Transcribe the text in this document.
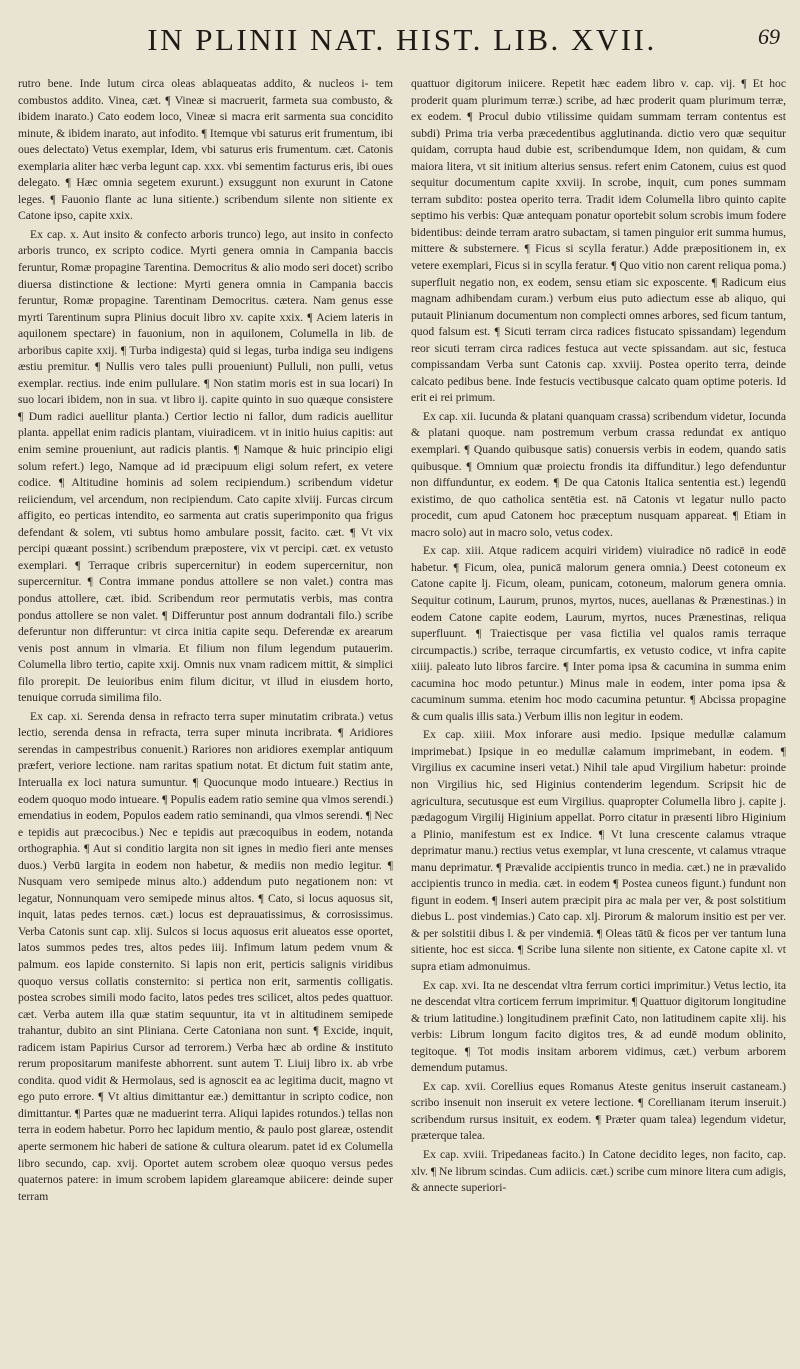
IN PLINII NAT. HIST. LIB. XVII.	69

rutro bene. Inde lutum circa oleas ablaqueatas addito, & nucleos i- tem combustos addito. Vinea, cæt. ¶ Vineæ si macruerit, farmeta sua combusto, & ibidem inarato.) Cato eodem loco, Vineæ si macra erit sarmenta sua concidito minute, & ibidem inarato, aut infodito. ¶ Itemque vbi saturus erit frumentum, ibi oues delectato) Vetus exemplar, Idem, vbi saturus eris frumentum. cæt. Catonis exemplaria aliter hæc verba legunt cap. xxx. vbi sementim facturus eris, ibi oues delegato. ¶ Hæc omnia segetem exurunt.) exsuggunt non exurunt in Catone leges. ¶ Fauonio flante ac luna sitiente.) scribendum silente non sitiente ex Catone ipso, capite xxix.

Ex cap. x. Aut insito & confecto arboris trunco) lego, aut insito in confecto arboris trunco, ex scripto codice. Myrti genera omnia in Campania baccis feruntur, Romæ propagine Tarentina. Democritus & alio modo seri docet) scribo diuersa distinctione & lectione: Myrti genera omnia in Campania baccis feruntur, Romæ propagine. Tarentinam Democritus. cætera. Nam genus esse myrti Tarentinum supra Plinius docuit libro xv. capite xxix. ¶ Aciem lateris in aquilonem spectare) in fauonium, non in aquilonem, Columella in lib. de arboribus capite xxij. ¶ Turba indigesta) quid si legas, turba indiga seu indigens æstiu premitur. ¶ Nullis vero tales pulli proueniunt) Pulluli, non pulli, vetus exemplar. rectius. inde enim pullulare. ¶ Non statim moris est in sua locari) In suo locari ibidem, non in sua. vt libro ij. capite quinto in suo quæque consistere ¶ Dum radici auellitur planta.) Certior lectio ni fallor, dum radicis auellitur planta. appellat enim radicis plantam, viuiradicem. vt in initio huius capitis: aut enim semine proueniunt, aut radicis plantis. ¶ Namque & huic principio eligi solum refert.) lego, Namque ad id præcipuum eligi solum refert, ex vetere codice. ¶ Altitudine hominis ad solem recipiendum.) scribendum videtur reiiciendum, vel arcendum, non recipiendum. Cato capite xlviij. Furcas circum affigito, eo perticas intendito, eo sarmenta aut cratis superimponito qua frigus defendant & solem, vti subtus homo ambulare possit, facito. cæt. ¶ Vt vix percipi quæant possint.) scribendum præpostere, vix vt percipi. cæt. ex vetusto exemplari. ¶ Terraque cribris supercernitur) in eodem supercernitur, non supercernitur. ¶ Contra immane pondus attollere se non valet.) contra mas pondus attollere, cæt. ibid. Scribendum reor permutatis verbis, mas contra pondus attollere se non valet. ¶ Differuntur post annum dodrantali filo.) scribe deferuntur non differuntur: vt circa initia capite sequ. Deferendæ ex arearum venis post annum in vlmaria. Et filium non filum legendum putauerim. Columella libro tertio, capite xxij. Omnis nux vnam radicem mittit, & simplici filo prorepit. De leuioribus enim filum dicitur, vt illud in eiusdem horto, tenuique corruda similima filo.

Ex cap. xi. Serenda densa in refracto terra super minutatim cribrata.) vetus lectio, serenda densa in refracta, terra super minuta incribrata. ¶ Aridiores serendas in campestribus conuenit.) Rariores non aridiores exemplar antiquum præfert, veriore lectione. nam raritas spatium notat. Et dictum fuit statim ante, Interualla ex loci natura sumuntur. ¶ Quocunque modo intueare.) Rectius in eodem quoquo modo intueare. ¶ Populis eadem ratio semine qua vlmos serendi.) emendatius in eodem, Populos eadem ratio seminandi, qua vlmos serendi. ¶ Nec e tepidis aut præcocibus.) Nec e tepidis aut præcoquibus in eodem, notanda orthographia. ¶ Aut si conditio largita non sit ignes in medio fieri ante menses duos.) Verbū largita in eodem non habetur, & mediis non medio legitur. ¶ Nusquam vero semipede minus alto.) addendum puto negationem non: vt legatur, Nonnunquam vero semipede minus altos. ¶ Cato, si locus aquosus sit, inquit, latas pedes ternos. cæt.) locus est deprauatissimus, & corrosissimus. Verba Catonis sunt cap. xlij. Sulcos si locus aquosus erit alueatos esse oportet, latos summos pedes tres, altos pedes iiij. Infimum latum pedem vnum & palmum. eos lapide consternito. Si lapis non erit, perticis salignis viridibus quoquo versus collatis consternito: si pertica non erit, sarmentis colligatis. postea scrobes simili modo facito, latos pedes tres scilicet, altos pedes quattuor. cæt. Verba autem illa quæ statim sequuntur, ita vt in altitudinem semipede trahantur, dubito an sint Pliniana. Certe Catoniana non sunt. ¶ Excide, inquit, radicem istam Papirius Cursor ad terrorem.) Verba hæc ab ordine & instituto rerum propositarum manifeste abhorrent. sunt autem T. Liuij libro ix. ab vrbe condita. quod vidit & Hermolaus, sed is agnoscit ea ac legitima ducit, magno vt ego puto errore. ¶ Vt altius dimittantur eæ.) demittantur in scripto codice, non dimittantur. ¶ Partes quæ ne maduerint terra. Aliqui lapides rotundos.) tellas non terra in eodem habetur. Porro hec lapidum mentio, & paulo post glareæ, ostendit aperte sermonem hic haberi de satione & cultura olearum. patet id ex Columella libro secundo, cap. xvij. Oportet autem scrobem oleæ quoquo versus pedes quaternos patere: in imum scrobem lapidem glareamque abiicere: deinde super terram

quattuor digitorum iniicere. Repetit hæc eadem libro v. cap. vij. ¶ Et hoc proderit quam plurimum terræ.) scribe, ad hæc proderit quam plurimum terræ, ex eodem. ¶ Procul dubio vtilissime quidam summam terram contentus est subdi) Prima tria verba præcedentibus agglutinanda. dictio vero quæ sequitur quidam, corrupta haud dubie est, scribendumque Idem, non quidam, & cum maiora litera, vt sit initium alterius sensus. refert enim Catonem, cuius est quod sequitur documentum capite xxviij. In scrobe, inquit, cum pones summam terram subdito: postea operito terra. Tradit idem Columella libro quinto capite septimo his verbis: Quæ antequam ponatur oportebit solum scrobis imum fodere bidentibus: deinde terram aratro subactam, si tamen pinguior erit summa humus, mittere & substernere. ¶ Ficus si scylla feratur.) Adde præpositionem in, ex vetere exemplari, Ficus si in scylla feratur. ¶ Quo vitio non carent reliqua poma.) superfluit negatio non, ex eodem, sensu etiam sic exposcente. ¶ Radicum eius magnam adhibendam curam.) verbum eius puto adiectum esse ab aliquo, qui putauit Plinianum documentum non complecti omnes arbores, sed ficum tantum, quod falsum est. ¶ Sicuti terram circa radices fistucato spissandam) legendum reor sicuti terram circa radices festuca aut vecte spissandam. aut sic, festuca compissandam Verba sunt Catonis cap. xxviij. Postea operito terra, deinde calcato pedibus bene. Inde festucis vectibusque calcato quam optime poteris. Id erit ei rei primum.

Ex cap. xii. Iucunda & platani quanquam crassa) scribendum videtur, Iocunda & platani quoque. nam postremum verbum crassa redundat ex antiquo exemplari. ¶ Quando quibusque satis) conuersis verbis in eodem, quando satis quibusque. ¶ Omnium quæ proiectu frondis ita diffunditur.) lego defenduntur non diffunduntur, ex eodem. ¶ De qua Catonis Italica sententia est.) legendū existimo, de quo catholica sentētia est. nā Catonis vt legatur nullo pacto procedit, cum apud Catonem hoc præceptum nusquam appareat. ¶ Etiam in macro solo) aut in macro solo, vetus codex.

Ex cap. xiii. Atque radicem acquiri viridem) viuiradice nō radicē in eodē habetur. ¶ Ficum, olea, punicā malorum genera omnia.) Deest cotoneum ex Catone capite lj. Ficum, oleam, punicam, cotoneum, malorum genera omnia. Sequitur cotinum, Laurum, prunos, myrtos, nuces, auellanas & Prænestinas.) in eodem Catone capite eodem, Laurum, myrtos, nuces Prænestinas, reliqua superfluunt. ¶ Traiectisque per vasa fictilia vel qualos ramis terraque circumpactis.) scribe, terraque circumfartis, ex vetusto codice, vt infra capite xiiij. paleato luto libros farcire. ¶ Inter poma ipsa & cacumina in summa enim cacumina hoc modo petuntur.) Minus male in eodem, inter poma ipsa & cacuminum summa. etenim hoc modo cacumina petuntur. ¶ Abcissa propagine & cum qualis illis sata.) Verbum illis non legitur in eodem.

Ex cap. xiiii. Mox inforare ausi medio. Ipsique medullæ calamum imprimebat.) Ipsique in eo medullæ calamum imprimebant, in eodem. ¶ Virgilius ex cacumine inseri vetat.) Nihil tale apud Virgilium habetur: proinde non Virgilius hic, sed Higinius contenderim legendum. Scripsit hic de agricultura, secutusque est eum Virgilius. quapropter Columella libro j. capite j. pædagogum Virgilij Higinium appellat. Porro citatur in præsenti libro Higinium a Plinio, manifestum est ex Indice. ¶ Vt luna crescente calamus vtraque deprimatur manu.) rectius vetus exemplar, vt luna crescente, vt calamus vtraque manu deprimatur. ¶ Prævalide accipientis trunco in media. cæt.) ne in prævalido accipientis trunco in media. cæt. in eodem ¶ Postea cuneos figunt.) fundunt non figunt in eodem. ¶ Inseri autem præcipit pira ac mala per ver, & post solstitium diebus L. post vindemias.) Cato cap. xlj. Pirorum & malorum insitio est per ver. & per solstitii dibus l. & per vindemiā. ¶ Oleas tātū & ficos per ver tantum luna sitiente, hoc est sicca. ¶ Scribe luna silente non sitiente, ex Catone capite xl. vt supra etiam admonuimus.

Ex cap. xvi. Ita ne descendat vltra ferrum cortici imprimitur.) Vetus lectio, ita ne descendat vltra corticem ferrum imprimitur. ¶ Quattuor digitorum longitudine & trium latitudine.) longitudinem præfinit Cato, non latitudinem capite xlij. his verbis: Librum longum facito digitos tres, & ad eundē modum oblinito, tegitoque. ¶ Tot modis insitam arborem vidimus, cæt.) verbum arborem demendum putamus.

Ex cap. xvii. Corellius eques Romanus Ateste genitus inseruit castaneam.) scribo insenuit non inseruit ex vetere lectione. ¶ Corellianam iterum inseruit.) scribendum rursus insituit, ex eodem. ¶ Præter quam talea) legendum videtur, præterque talea.

Ex cap. xviii. Tripedaneas facito.) In Catone decidito leges, non facito, cap. xlv. ¶ Ne librum scindas. Cum adiicis. cæt.) scribe cum minore litera cum adigis, & annecte superiori-
